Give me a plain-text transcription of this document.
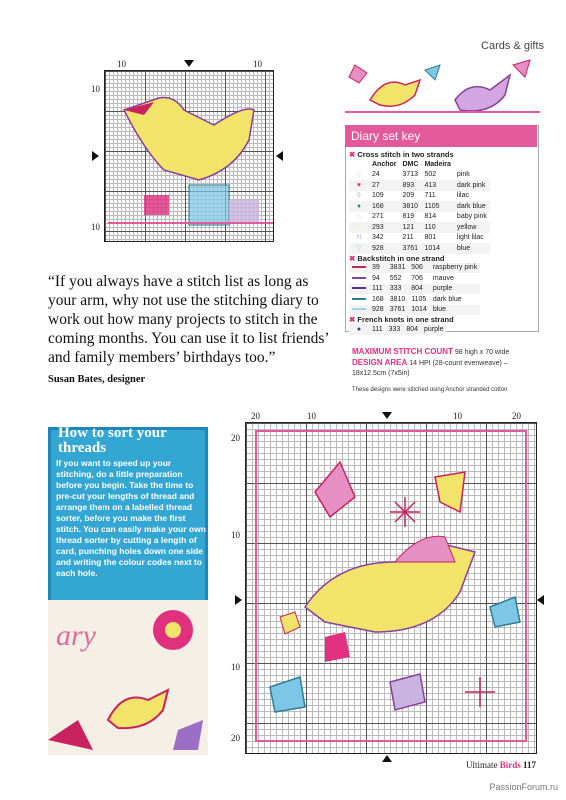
Cards & gifts
10	10
10
10
Diary set key
✖ Cross stitch in two strands
	Anchor	DMC	Madeira	
♡	24	3713	502	pink
♥	27	893	413	dark pink
◊	109	209	711	lilac
♦	168	3810	1105	dark blue
◇	271	819	814	baby pink
○	293	121	110	yellow
N	342	211	801	light lilac
▽	928	3761	1014	blue
✖ Backstitch in one strand
	39	3831	506	raspberry pink
	94	552	706	mauve
	111	333	804	purple
	168	3810	1105	dark blue
	928	3761	1014	blue
✖ French knots in one strand
●	111	333	804	purple
MAXIMUM STITCH COUNT 98 high x 70 wide
DESIGN AREA 14 HPI (28-count evenweave) – 18x12.5cm (7x5in)
These designs were stitched using Anchor stranded cotton
“If you always have a stitch list as long as your arm, why not use the stitching diary to work out how many projects to stitch in the coming months. You can use it to list friends’ and family members’ birthdays too.”
Susan Bates, designer
How to sort your threads
If you want to speed up your stitching, do a little preparation before you begin. Take the time to pre-cut your lengths of thread and arrange them on a labelled thread sorter, before you make the first stitch. You can easily make your own thread sorter by cutting a length of card, punching holes down one side and writing the colour codes next to each hole.
ary
20	10	10	20
20
10
10
20
Ultimate Birds 117
PassionForum.ru
